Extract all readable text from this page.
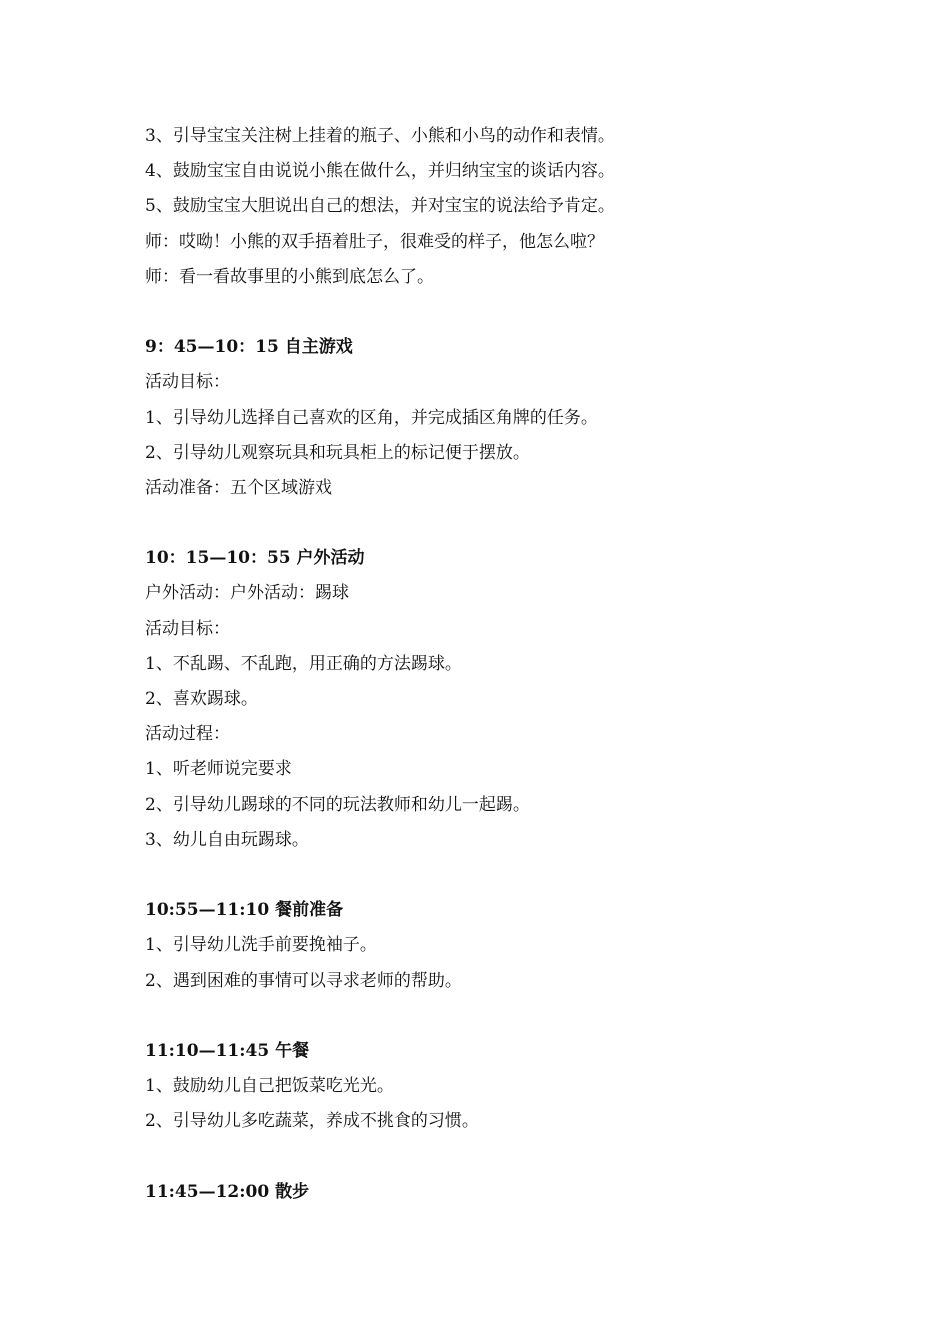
3、引导宝宝关注树上挂着的瓶子、小熊和小鸟的动作和表情。
4、鼓励宝宝自由说说小熊在做什么，并归纳宝宝的谈话内容。
5、鼓励宝宝大胆说出自己的想法，并对宝宝的说法给予肯定。
师：哎呦！小熊的双手捂着肚子，很难受的样子，他怎么啦？
师：看一看故事里的小熊到底怎么了。
9：45—10：15 自主游戏
活动目标：
1、引导幼儿选择自己喜欢的区角，并完成插区角牌的任务。
2、引导幼儿观察玩具和玩具柜上的标记便于摆放。
活动准备：五个区域游戏
10：15—10：55 户外活动
户外活动：户外活动：踢球
活动目标：
1、不乱踢、不乱跑，用正确的方法踢球。
2、喜欢踢球。
活动过程：
1、听老师说完要求
2、引导幼儿踢球的不同的玩法教师和幼儿一起踢。
3、幼儿自由玩踢球。
10:55—11:10 餐前准备
1、引导幼儿洗手前要挽袖子。
2、遇到困难的事情可以寻求老师的帮助。
11:10—11:45 午餐
1、鼓励幼儿自己把饭菜吃光光。
2、引导幼儿多吃蔬菜，养成不挑食的习惯。
11:45—12:00 散步
